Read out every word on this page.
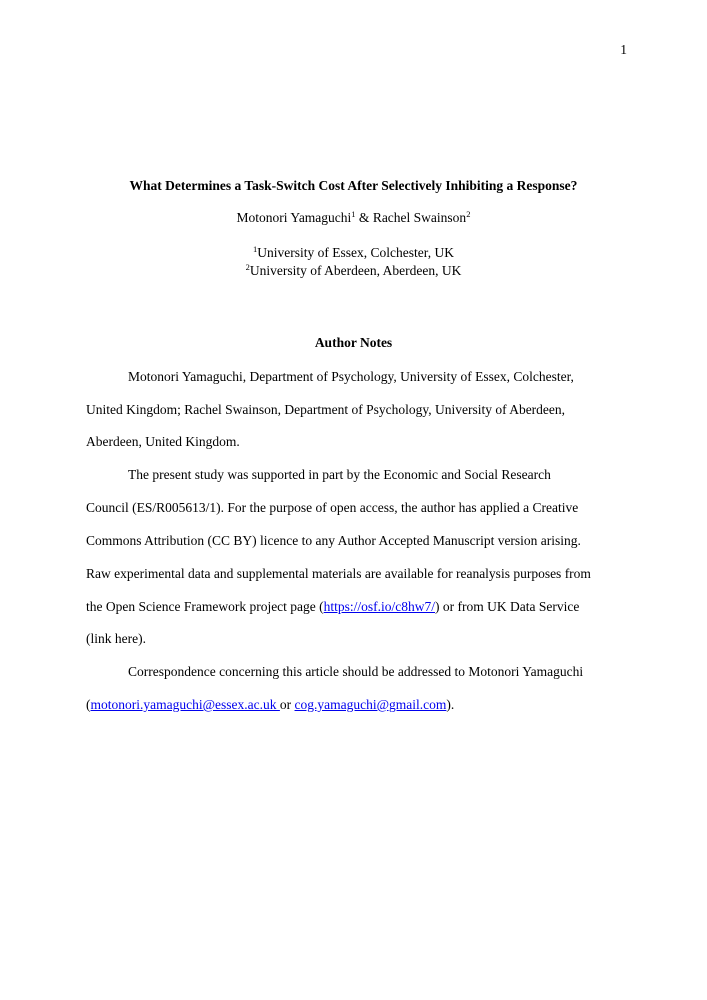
1
What Determines a Task-Switch Cost After Selectively Inhibiting a Response?
Motonori Yamaguchi$^1$ & Rachel Swainson$^2$
$^1$University of Essex, Colchester, UK
$^2$University of Aberdeen, Aberdeen, UK
Author Notes
Motonori Yamaguchi, Department of Psychology, University of Essex, Colchester,
United Kingdom; Rachel Swainson, Department of Psychology, University of Aberdeen,
Aberdeen, United Kingdom.
The present study was supported in part by the Economic and Social Research
Council (ES/R005613/1). For the purpose of open access, the author has applied a Creative
Commons Attribution (CC BY) licence to any Author Accepted Manuscript version arising.
Raw experimental data and supplemental materials are available for reanalysis purposes from
the Open Science Framework project page (https://osf.io/c8hw7/) or from UK Data Service
(link here).
Correspondence concerning this article should be addressed to Motonori Yamaguchi
(motonori.yamaguchi@essex.ac.uk or cog.yamaguchi@gmail.com).
